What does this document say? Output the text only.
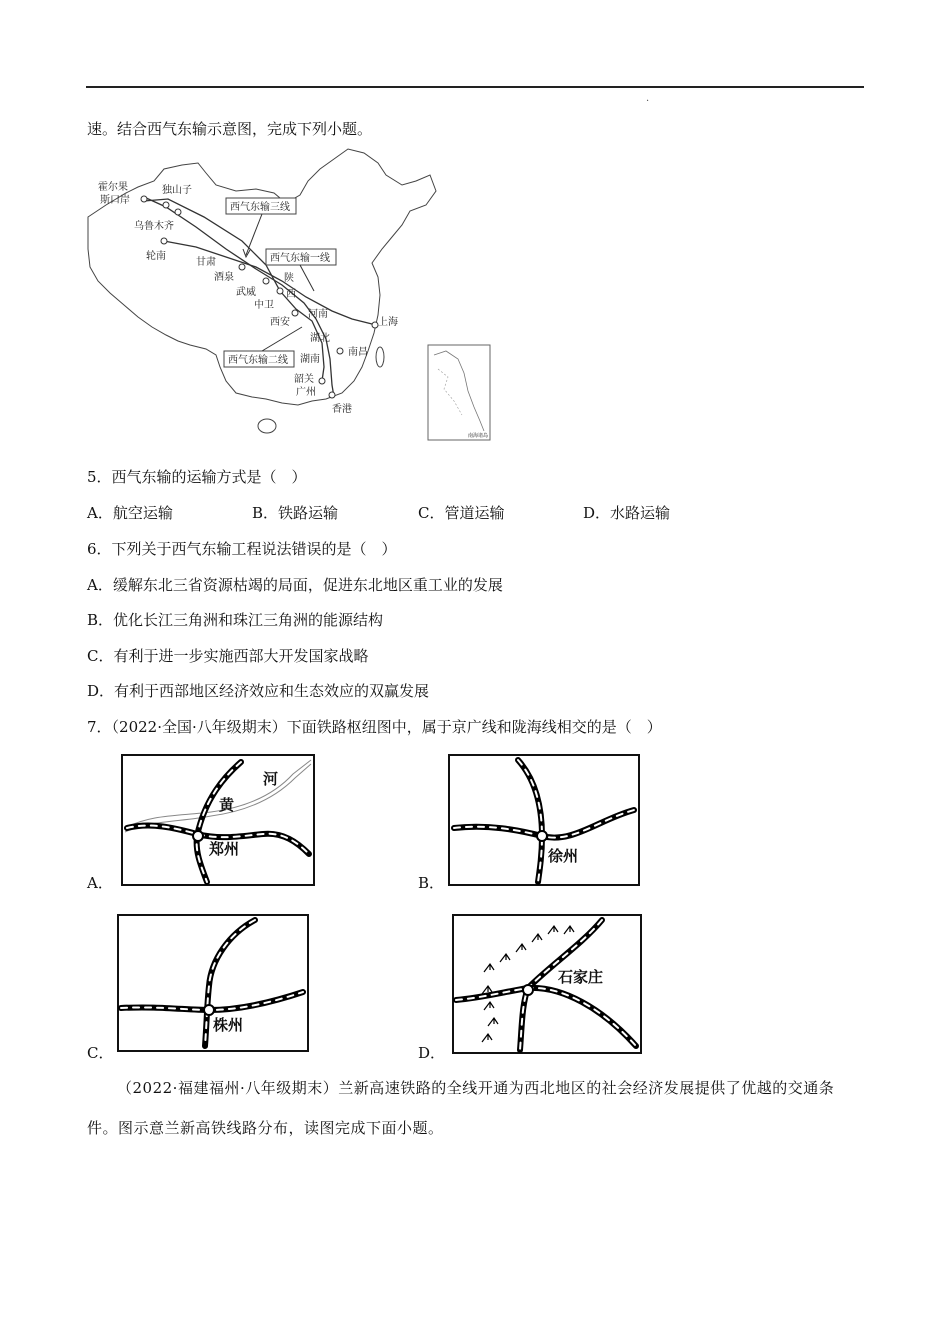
·
速。结合西气东输示意图，完成下列小题。
霍尔果
斯口岸
独山子
乌鲁木齐
轮南
甘肃
酒泉
武威
陕
西
中卫
河南
西安
湖北
上海
南昌
湖南
韶关
广州
香港
西气东输三线
西气东输一线
西气东输二线
南海诸岛
5．西气东输的运输方式是（　）
A．航空运输	B．铁路运输	C．管道运输	D．水路运输
6．下列关于西气东输工程说法错误的是（　）
A．缓解东北三省资源枯竭的局面，促进东北地区重工业的发展
B．优化长江三角洲和珠江三角洲的能源结构
C．有利于进一步实施西部大开发国家战略
D．有利于西部地区经济效应和生态效应的双赢发展
7．（2022·全国·八年级期末）下面铁路枢纽图中，属于京广线和陇海线相交的是（　）
A．	B．
C．	D．
河
黄
郑州	徐州
株州
石家庄
（2022·福建福州·八年级期末）兰新高速铁路的全线开通为西北地区的社会经济发展提供了优越的交通条件。图示意兰新高铁线路分布，读图完成下面小题。
